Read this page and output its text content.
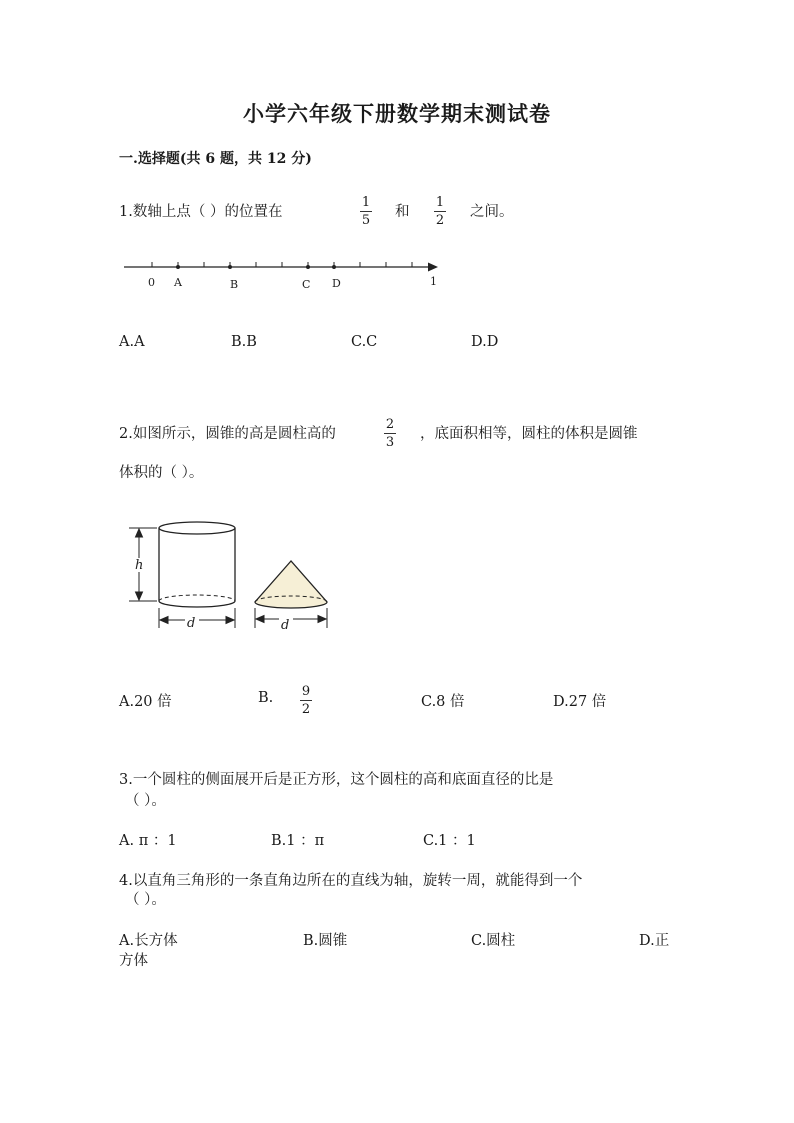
小学六年级下册数学期末测试卷
一.选择题(共 6 题，共 12 分)
1.数轴上点（ ）的位置在
1
5
和
1
2
之间。
0 A	B	C D	1
A.A	B.B	C.C	D.D
2.如图所示，圆锥的高是圆柱高的
2
3
，底面积相等，圆柱的体积是圆锥
体积的（ ）。
h
d	d
A.20 倍	B. 9
2	C.8 倍	D.27 倍
3.一个圆柱的侧面展开后是正方形，这个圆柱的高和底面直径的比是
（ ）。
A. π ：1	B.1 ：π	C.1 ：1
4.以直角三角形的一条直角边所在的直线为轴，旋转一周，就能得到一个
（ ）。
A.长方体	B.圆锥	C.圆柱	D.正
方体
